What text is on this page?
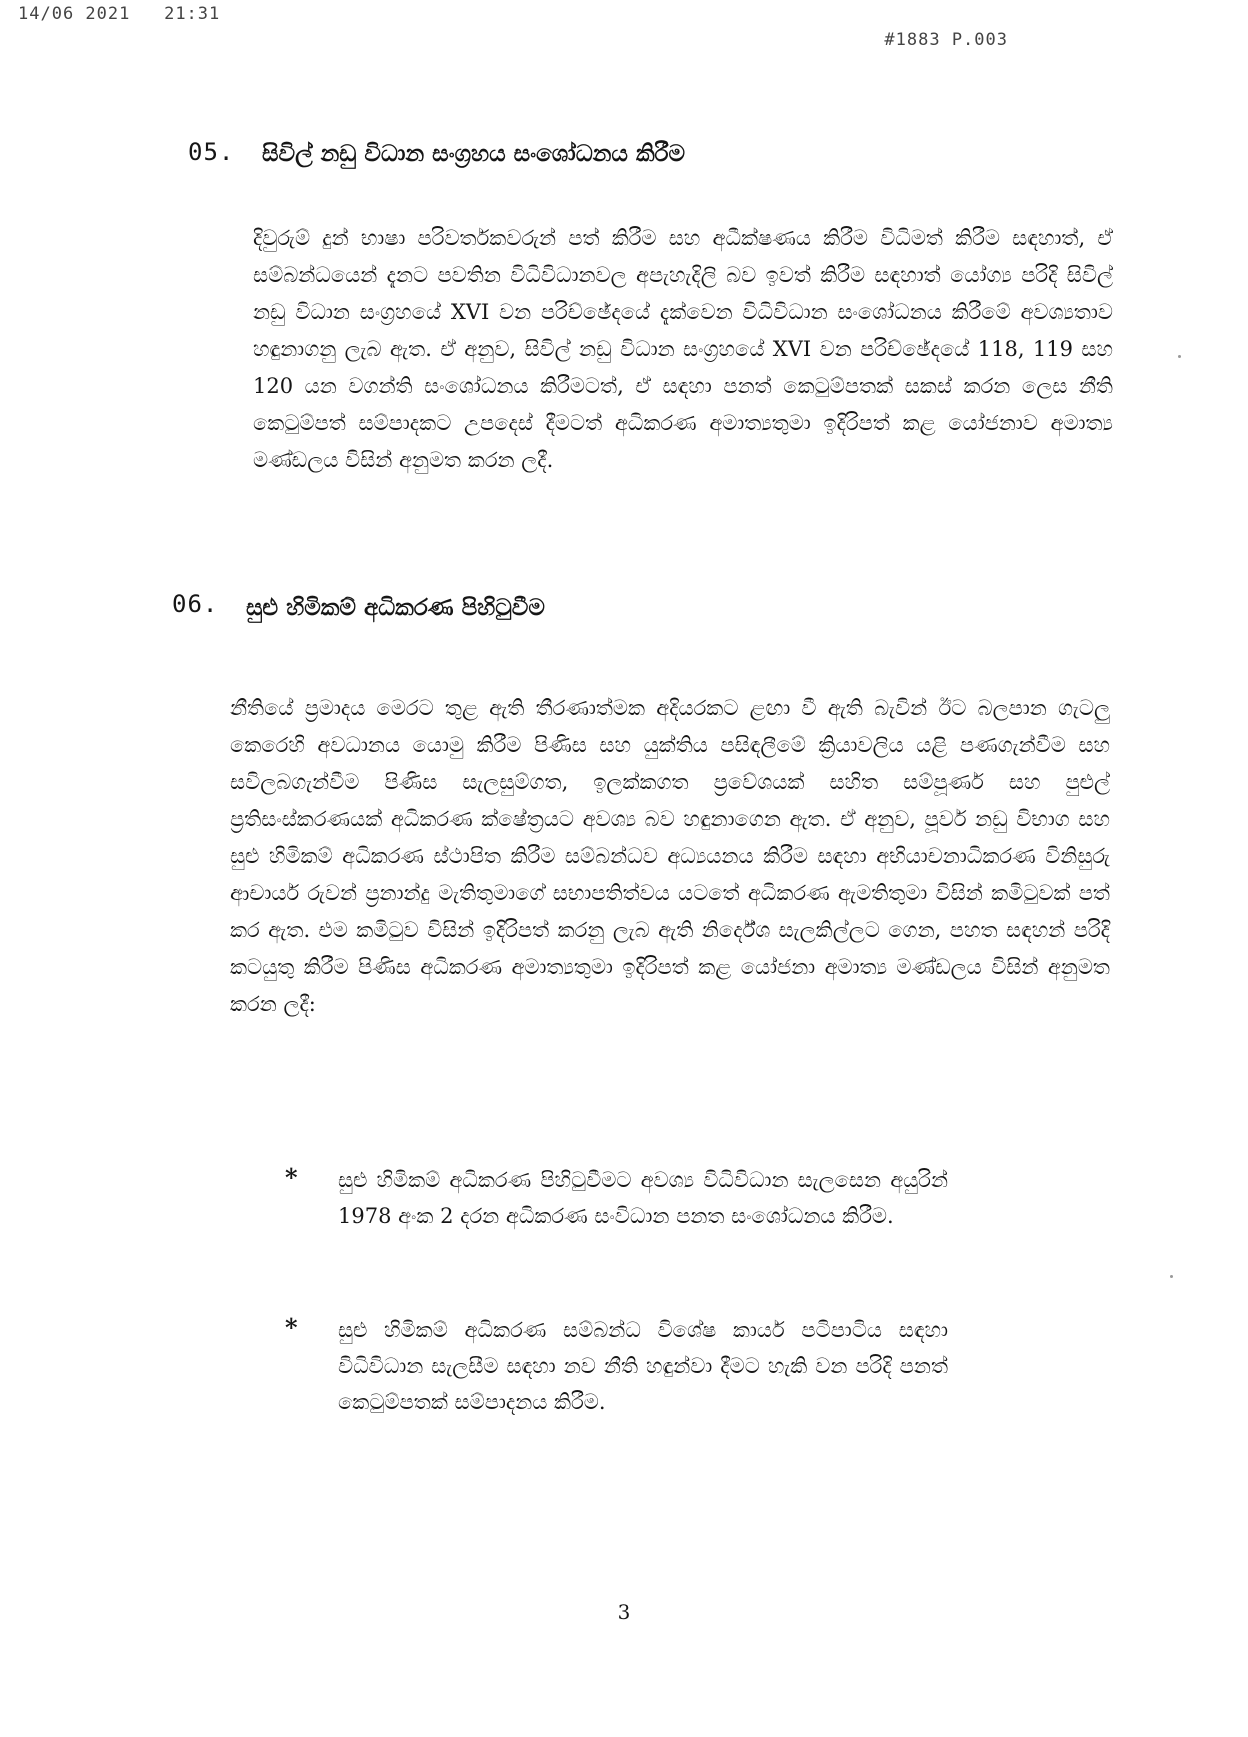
14/06 2021 21:31
#1883 P.003
05. සිවිල් නඩු විධාන සංග්‍රහය සංශෝධනය කිරීම
දිවුරුම් දුන් භාෂා පරිවර්තකවරුන් පත් කිරීම සහ අධීක්ෂණය කිරීම විධිමත් කිරීම සඳහාත්, ඒ සම්බන්ධයෙන් දැනට පවතින විධිවිධානවල අපැහැදිලි බව ඉවත් කිරීම සඳහාත් යෝග්‍ය පරිදි සිවිල් නඩු විධාන සංග්‍රහයේ XVI වන පරිච්ඡේදයේ දැක්වෙන විධිවිධාන සංශෝධනය කිරීමේ අවශ්‍යතාව හඳුනාගනු ලැබ ඇත. ඒ අනුව, සිවිල් නඩු විධාන සංග්‍රහයේ XVI වන පරිච්ඡේදයේ 118, 119 සහ 120 යන වගන්ති සංශෝධනය කිරීමටත්, ඒ සඳහා පනත් කෙටුම්පතක් සකස් කරන ලෙස නීති කෙටුම්පත් සම්පාදකට උපදෙස් දීමටත් අධිකරණ අමාත්‍යතුමා ඉදිරිපත් කළ යෝජනාව අමාත්‍ය මණ්ඩලය විසින් අනුමත කරන ලදී.
06. සුළු හිමිකම් අධිකරණ පිහිටුවීම
නීතියේ ප්‍රමාදය මෙරට තුළ ඇති තීරණාත්මක අදියරකට ළඟා වී ඇති බැවින් ඊට බලපාන ගැටලු කෙරෙහි අවධානය යොමු කිරීම පිණිස සහ යුක්තිය පසිඳලීමේ ක්‍රියාවලිය යළි පණගැන්වීම සහ සවිලබගැන්වීම පිණිස සැලසුම්ගත, ඉලක්කගත ප්‍රවේශයක් සහිත සම්පූර්ණ සහ පුළුල් ප්‍රතිසංස්කරණයක් අධිකරණ ක්ෂේත්‍රයට අවශ්‍ය බව හඳුනාගෙන ඇත. ඒ අනුව, පූර්ව නඩු විභාග සහ සුළු හිමිකම් අධිකරණ ස්ථාපිත කිරීම සම්බන්ධව අධ්‍යයනය කිරීම සඳහා අභියාචනාධිකරණ විනිසුරු ආචාර්ය රුවන් ප්‍රනාන්දු මැතිතුමාගේ සභාපතිත්වය යටතේ අධිකරණ ඇමතිතුමා විසින් කමිටුවක් පත් කර ඇත. එම කමිටුව විසින් ඉදිරිපත් කරනු ලැබ ඇති නිර්දේශ සැලකිල්ලට ගෙන, පහත සඳහන් පරිදි කටයුතු කිරීම පිණිස අධිකරණ අමාත්‍යතුමා ඉදිරිපත් කළ යෝජනා අමාත්‍ය මණ්ඩලය විසින් අනුමත කරන ලදී:
* සුළු හිමිකම් අධිකරණ පිහිටුවීමට අවශ්‍ය විධිවිධාන සැලසෙන අයුරින් 1978 අංක 2 දරන අධිකරණ සංවිධාන පනත සංශෝධනය කිරීම.
* සුළු හිමිකම් අධිකරණ සම්බන්ධ විශේෂ කාර්ය පටිපාටිය සඳහා විධිවිධාන සැලසීම සඳහා නව නීති හඳුන්වා දීමට හැකි වන පරිදි පනත් කෙටුම්පතක් සම්පාදනය කිරීම.
3
